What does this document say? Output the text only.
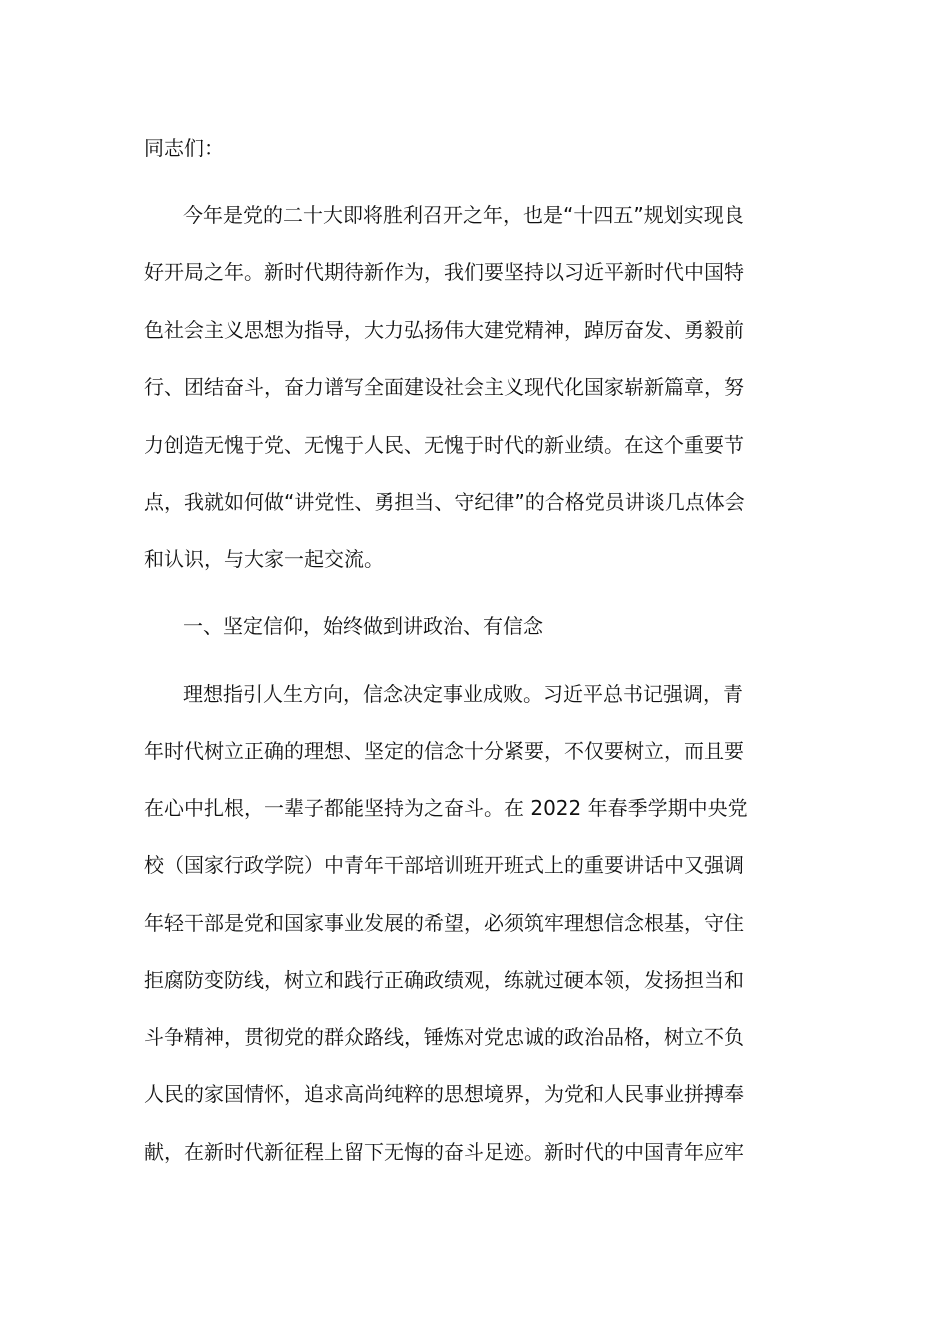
同志们：
今年是党的二十大即将胜利召开之年，也是“十四五”规划实现良
好开局之年。新时代期待新作为，我们要坚持以习近平新时代中国特
色社会主义思想为指导，大力弘扬伟大建党精神，踔厉奋发、勇毅前
行、团结奋斗，奋力谱写全面建设社会主义现代化国家崭新篇章，努
力创造无愧于党、无愧于人民、无愧于时代的新业绩。在这个重要节
点，我就如何做“讲党性、勇担当、守纪律”的合格党员讲谈几点体会
和认识，与大家一起交流。
一、坚定信仰，始终做到讲政治、有信念
理想指引人生方向，信念决定事业成败。习近平总书记强调，青
年时代树立正确的理想、坚定的信念十分紧要，不仅要树立，而且要
在心中扎根，一辈子都能坚持为之奋斗。在 2022 年春季学期中央党
校（国家行政学院）中青年干部培训班开班式上的重要讲话中又强调
年轻干部是党和国家事业发展的希望，必须筑牢理想信念根基，守住
拒腐防变防线，树立和践行正确政绩观，练就过硬本领，发扬担当和
斗争精神，贯彻党的群众路线，锤炼对党忠诚的政治品格，树立不负
人民的家国情怀，追求高尚纯粹的思想境界，为党和人民事业拼搏奉
献，在新时代新征程上留下无悔的奋斗足迹。新时代的中国青年应牢
